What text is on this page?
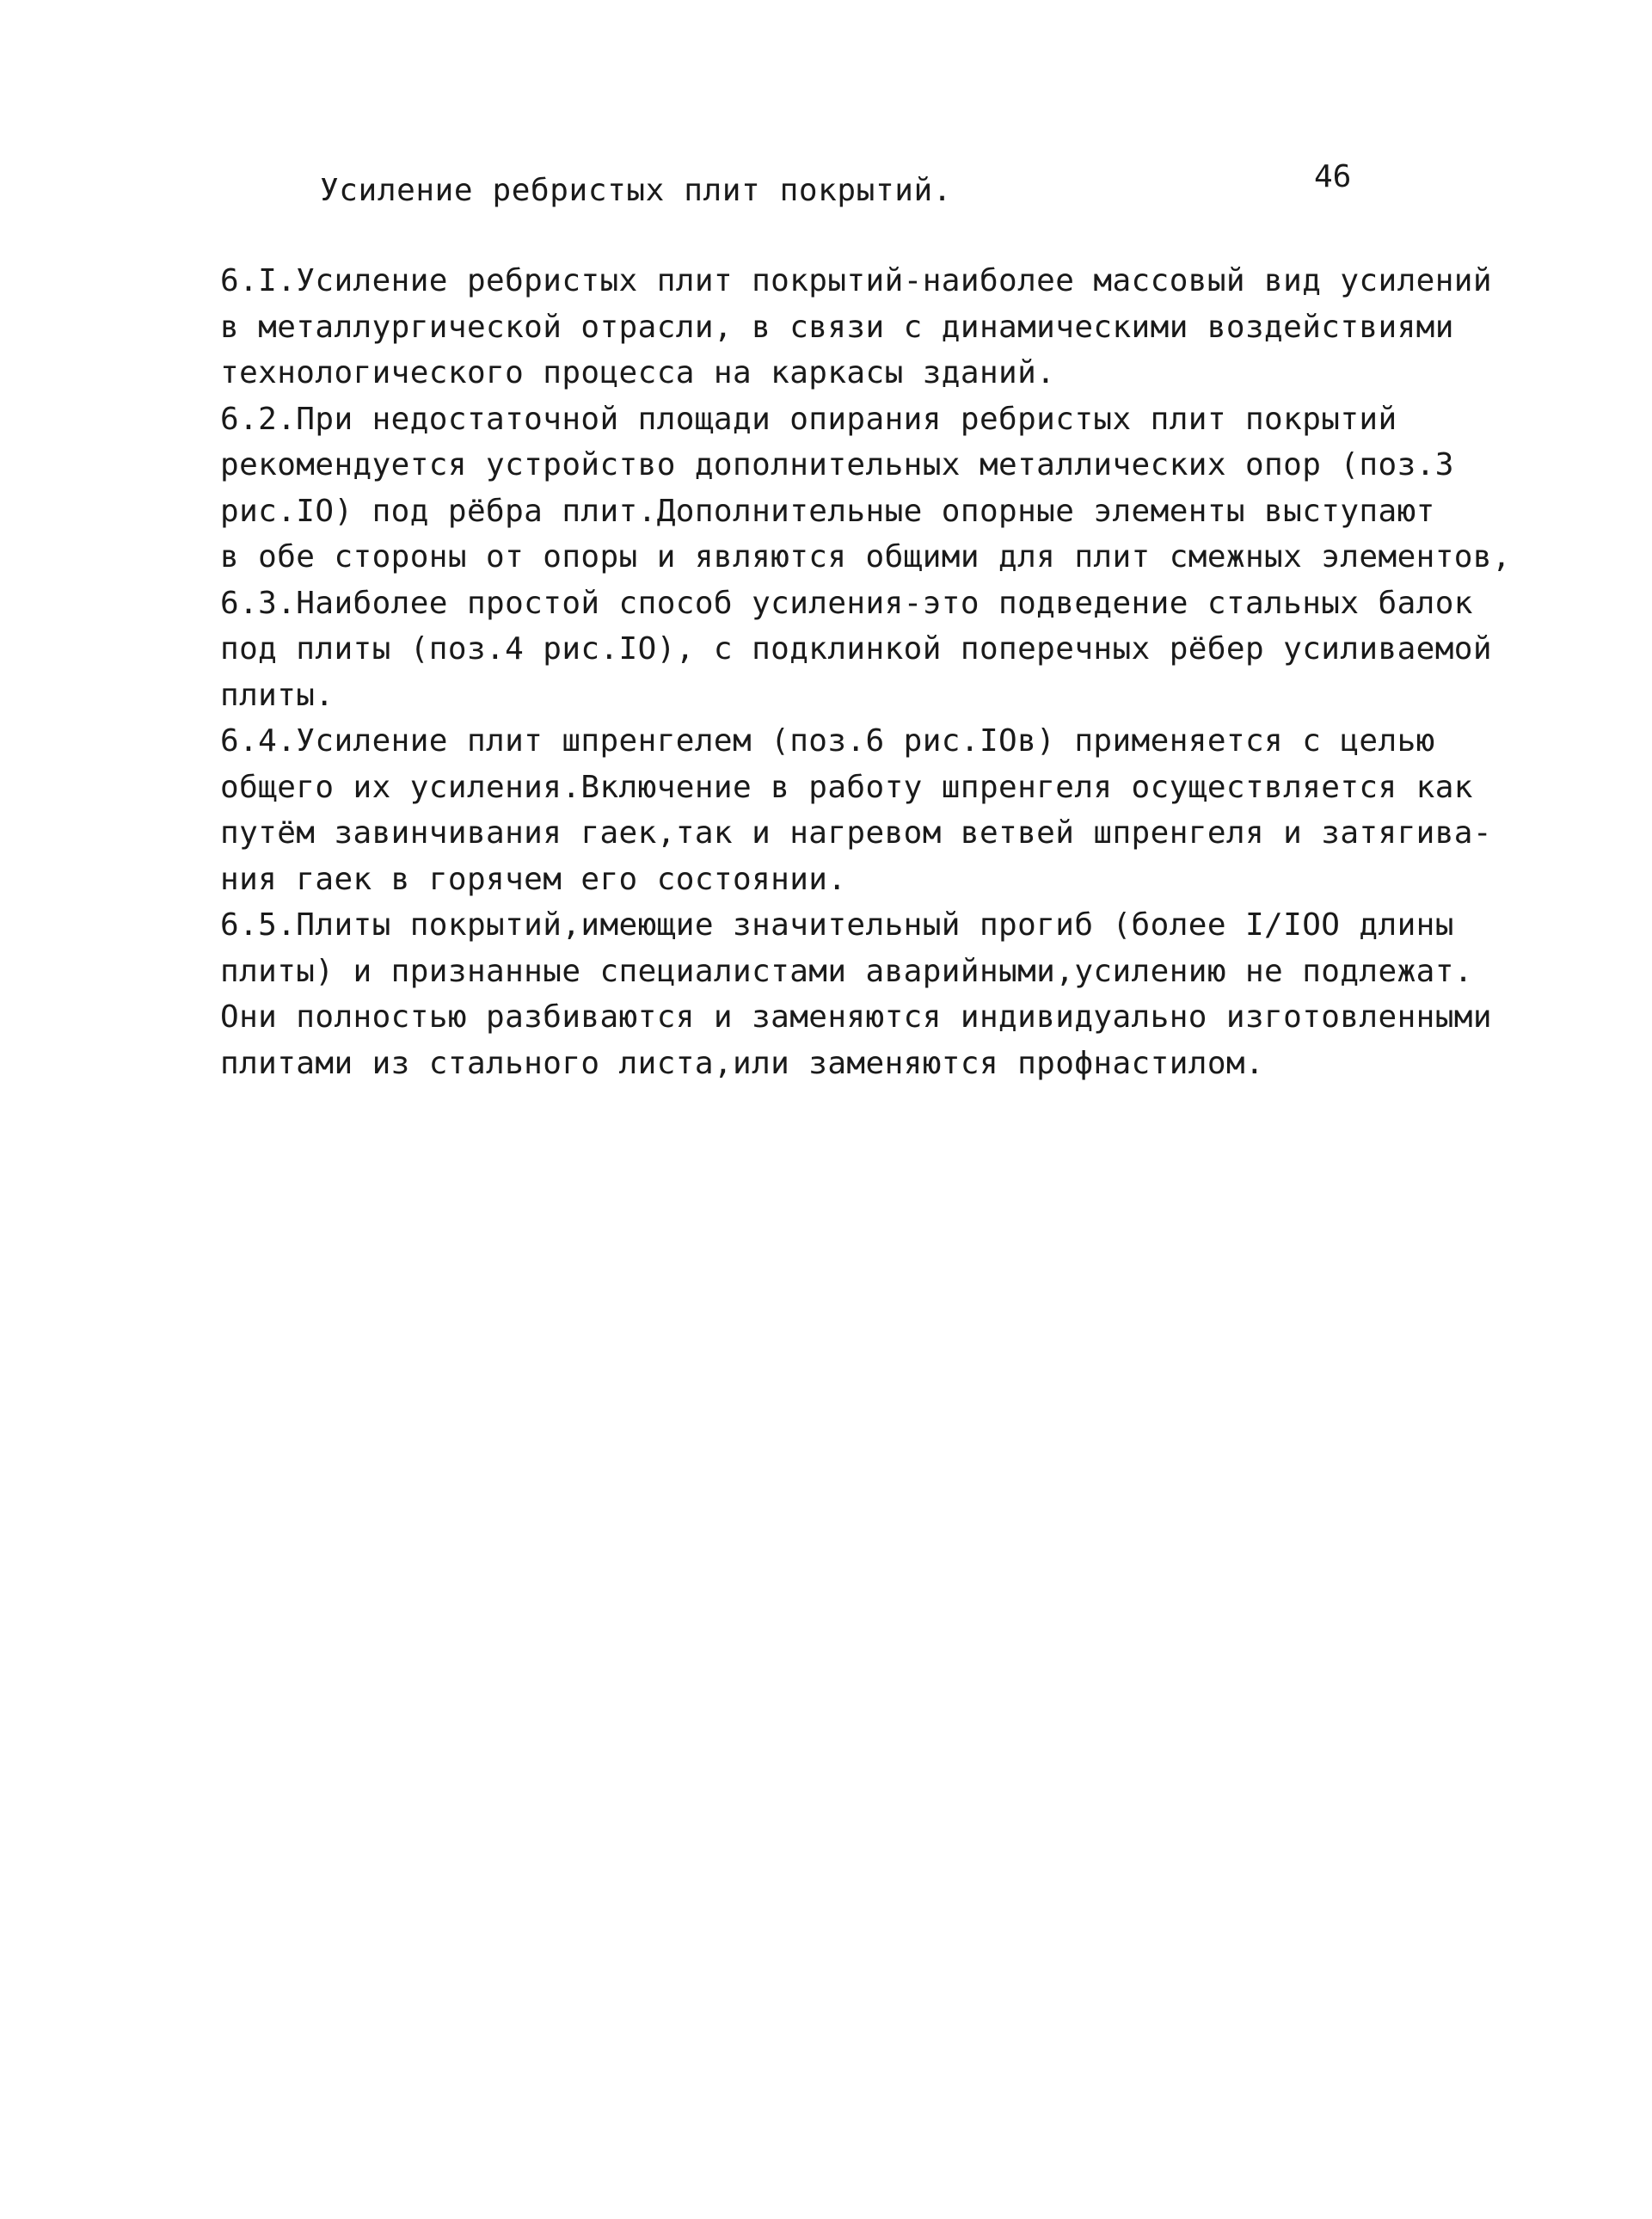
46
Усиление ребристых плит покрытий.
6.I.Усиление ребристых плит покрытий-наиболее массовый вид усилений
в металлургической отрасли, в связи с динамическими воздействиями
технологического процесса на каркасы зданий.
6.2.При недостаточной площади опирания ребристых плит покрытий
рекомендуется устройство дополнительных металлических опор (поз.3
рис.IO) под рёбра плит.Дополнительные опорные элементы выступают
в обе стороны от опоры и являются общими для плит смежных элементов,
6.3.Наиболее простой способ усиления-это подведение стальных балок
под плиты (поз.4 рис.IO), с подклинкой поперечных рёбер усиливаемой
плиты.
6.4.Усиление плит шпренгелем (поз.6 рис.IOв) применяется с целью
общего их усиления.Включение в работу шпренгеля осуществляется как
путём завинчивания гаек,так и нагревом ветвей шпренгеля и затягива-
ния гаек в горячем его состоянии.
6.5.Плиты покрытий,имеющие значительный прогиб (более I/IOO длины
плиты) и признанные специалистами аварийными,усилению не подлежат.
Они полностью разбиваются и заменяются индивидуально изготовленными
плитами из стального листа,или заменяются профнастилом.
